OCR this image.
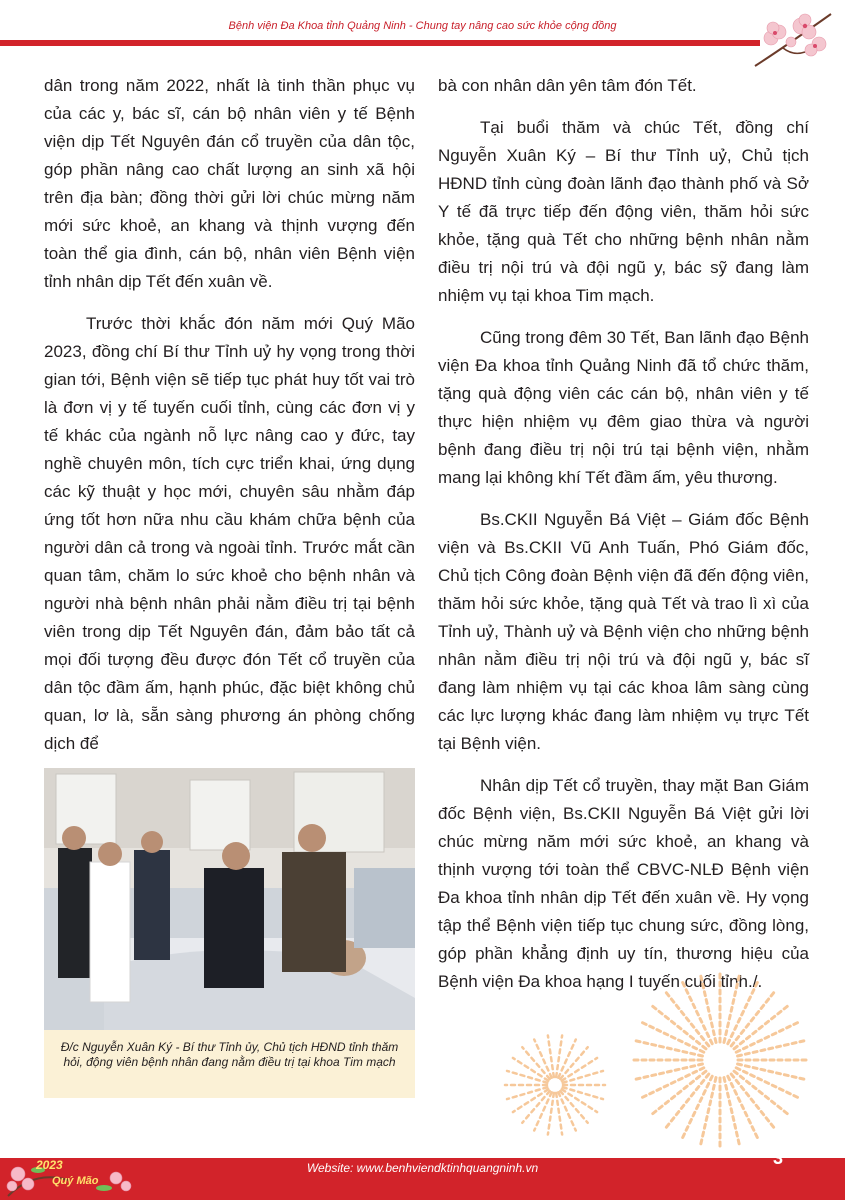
Bệnh viện Đa Khoa tỉnh Quảng Ninh - Chung tay nâng cao sức khỏe cộng đồng

dân trong năm 2022, nhất là tinh thần phục vụ của các y, bác sĩ, cán bộ nhân viên y tế Bệnh viện dịp Tết Nguyên đán cổ truyền của dân tộc, góp phần nâng cao chất lượng an sinh xã hội trên địa bàn; đồng thời gửi lời chúc mừng năm mới sức khoẻ, an khang và thịnh vượng đến toàn thể gia đình, cán bộ, nhân viên Bệnh viện tỉnh nhân dịp Tết đến xuân về.

Trước thời khắc đón năm mới Quý Mão 2023, đồng chí Bí thư Tỉnh uỷ hy vọng trong thời gian tới, Bệnh viện sẽ tiếp tục phát huy tốt vai trò là đơn vị y tế tuyến cuối tỉnh, cùng các đơn vị y tế khác của ngành nỗ lực nâng cao y đức, tay nghề chuyên môn, tích cực triển khai, ứng dụng các kỹ thuật y học mới, chuyên sâu nhằm đáp ứng tốt hơn nữa nhu cầu khám chữa bệnh của người dân cả trong và ngoài tỉnh. Trước mắt cần quan tâm, chăm lo sức khoẻ cho bệnh nhân và người nhà bệnh nhân phải nằm điều trị tại bệnh viên trong dịp Tết Nguyên đán, đảm bảo tất cả mọi đối tượng đều được đón Tết cổ truyền của dân tộc đầm ấm, hạnh phúc, đặc biệt không chủ quan, lơ là, sẵn sàng phương án phòng chống dịch để

bà con nhân dân yên tâm đón Tết.

Tại buổi thăm và chúc Tết, đồng chí Nguyễn Xuân Ký – Bí thư Tỉnh uỷ, Chủ tịch HĐND tỉnh cùng đoàn lãnh đạo thành phố và Sở Y tế đã trực tiếp đến động viên, thăm hỏi sức khỏe, tặng quà Tết cho những bệnh nhân nằm điều trị nội trú và đội ngũ y, bác sỹ đang làm nhiệm vụ tại khoa Tim mạch.

Cũng trong đêm 30 Tết, Ban lãnh đạo Bệnh viện Đa khoa tỉnh Quảng Ninh đã tổ chức thăm, tặng quà động viên các cán bộ, nhân viên y tế thực hiện nhiệm vụ đêm giao thừa và người bệnh đang điều trị nội trú tại bệnh viện, nhằm mang lại không khí Tết đầm ấm, yêu thương.

Bs.CKII Nguyễn Bá Việt – Giám đốc Bệnh viện và Bs.CKII Vũ Anh Tuấn, Phó Giám đốc, Chủ tịch Công đoàn Bệnh viện đã đến động viên, thăm hỏi sức khỏe, tặng quà Tết và trao lì xì của Tỉnh uỷ, Thành uỷ và Bệnh viện cho những bệnh nhân nằm điều trị nội trú và đội ngũ y, bác sĩ đang làm nhiệm vụ tại các khoa lâm sàng cùng các lực lượng khác đang làm nhiệm vụ trực Tết tại Bệnh viện.

Nhân dịp Tết cổ truyền, thay mặt Ban Giám đốc Bệnh viện, Bs.CKII Nguyễn Bá Việt gửi lời chúc mừng năm mới sức khoẻ, an khang và thịnh vượng tới toàn thể CBVC-NLĐ Bệnh viện Đa khoa tỉnh nhân dịp Tết đến xuân về. Hy vọng tập thể Bệnh viện tiếp tục chung sức, đồng lòng, góp phần khẳng định uy tín, thương hiệu của Bệnh viện Đa khoa hạng I tuyến cuối tỉnh./.

Đ/c Nguyễn Xuân Ký - Bí thư Tỉnh ủy, Chủ tịch HĐND tỉnh thăm hỏi, động viên bệnh nhân đang nằm điều trị tại khoa Tim mạch
2023
Quý Mão
Website: www.benhviendktinhquangninh.vn	3
